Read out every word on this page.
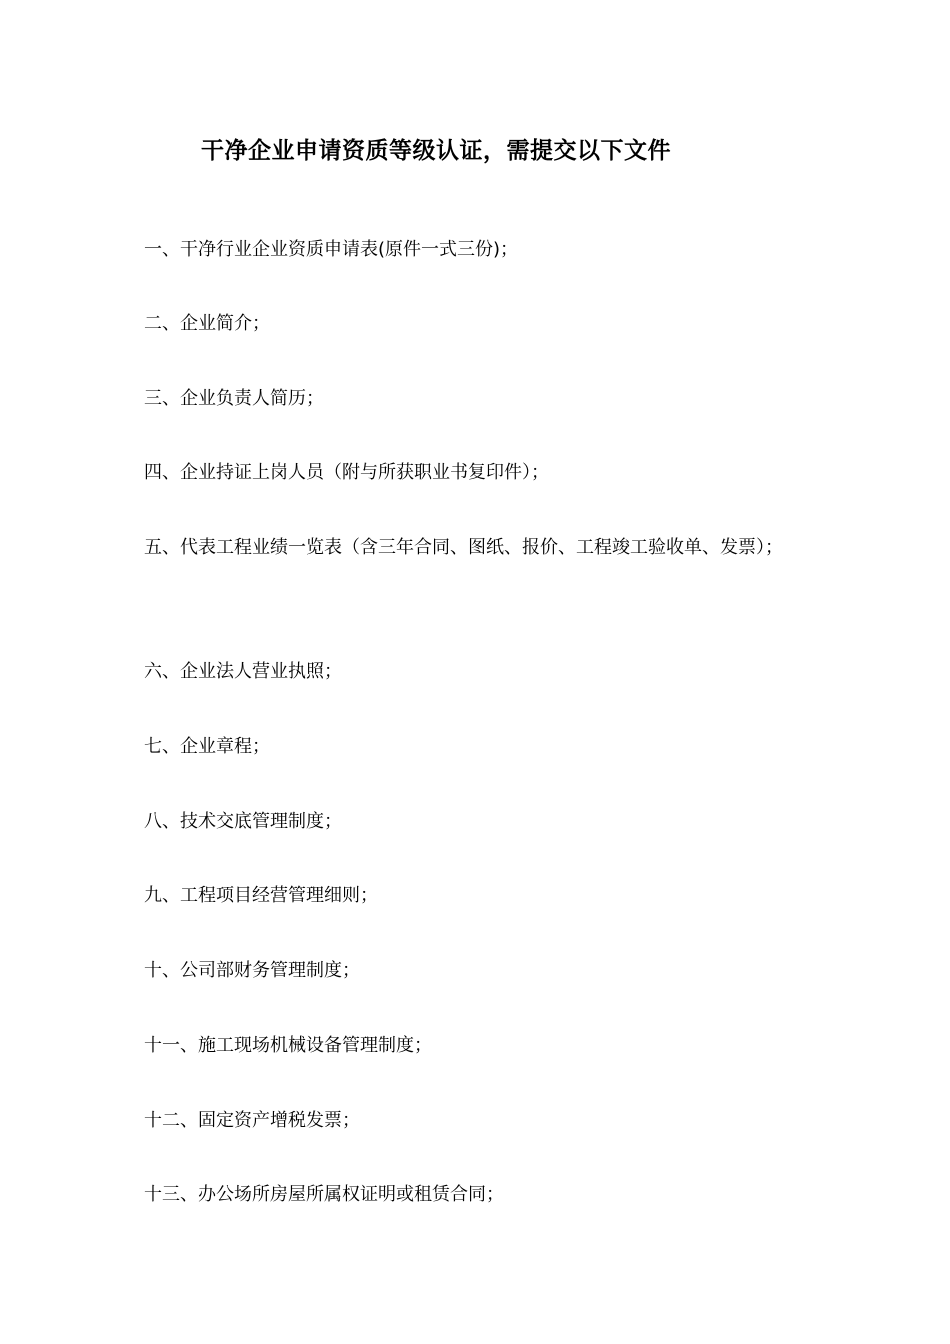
干净企业申请资质等级认证，需提交以下文件
一、干净行业企业资质申请表(原件一式三份)；
二、企业简介；
三、企业负责人简历；
四、企业持证上岗人员（附与所获职业书复印件）；
五、代表工程业绩一览表（含三年合同、图纸、报价、工程竣工验收单、发票）；
六、企业法人营业执照；
七、企业章程；
八、技术交底管理制度；
九、工程项目经营管理细则；
十、公司部财务管理制度；
十一、施工现场机械设备管理制度；
十二、固定资产增税发票；
十三、办公场所房屋所属权证明或租赁合同；
